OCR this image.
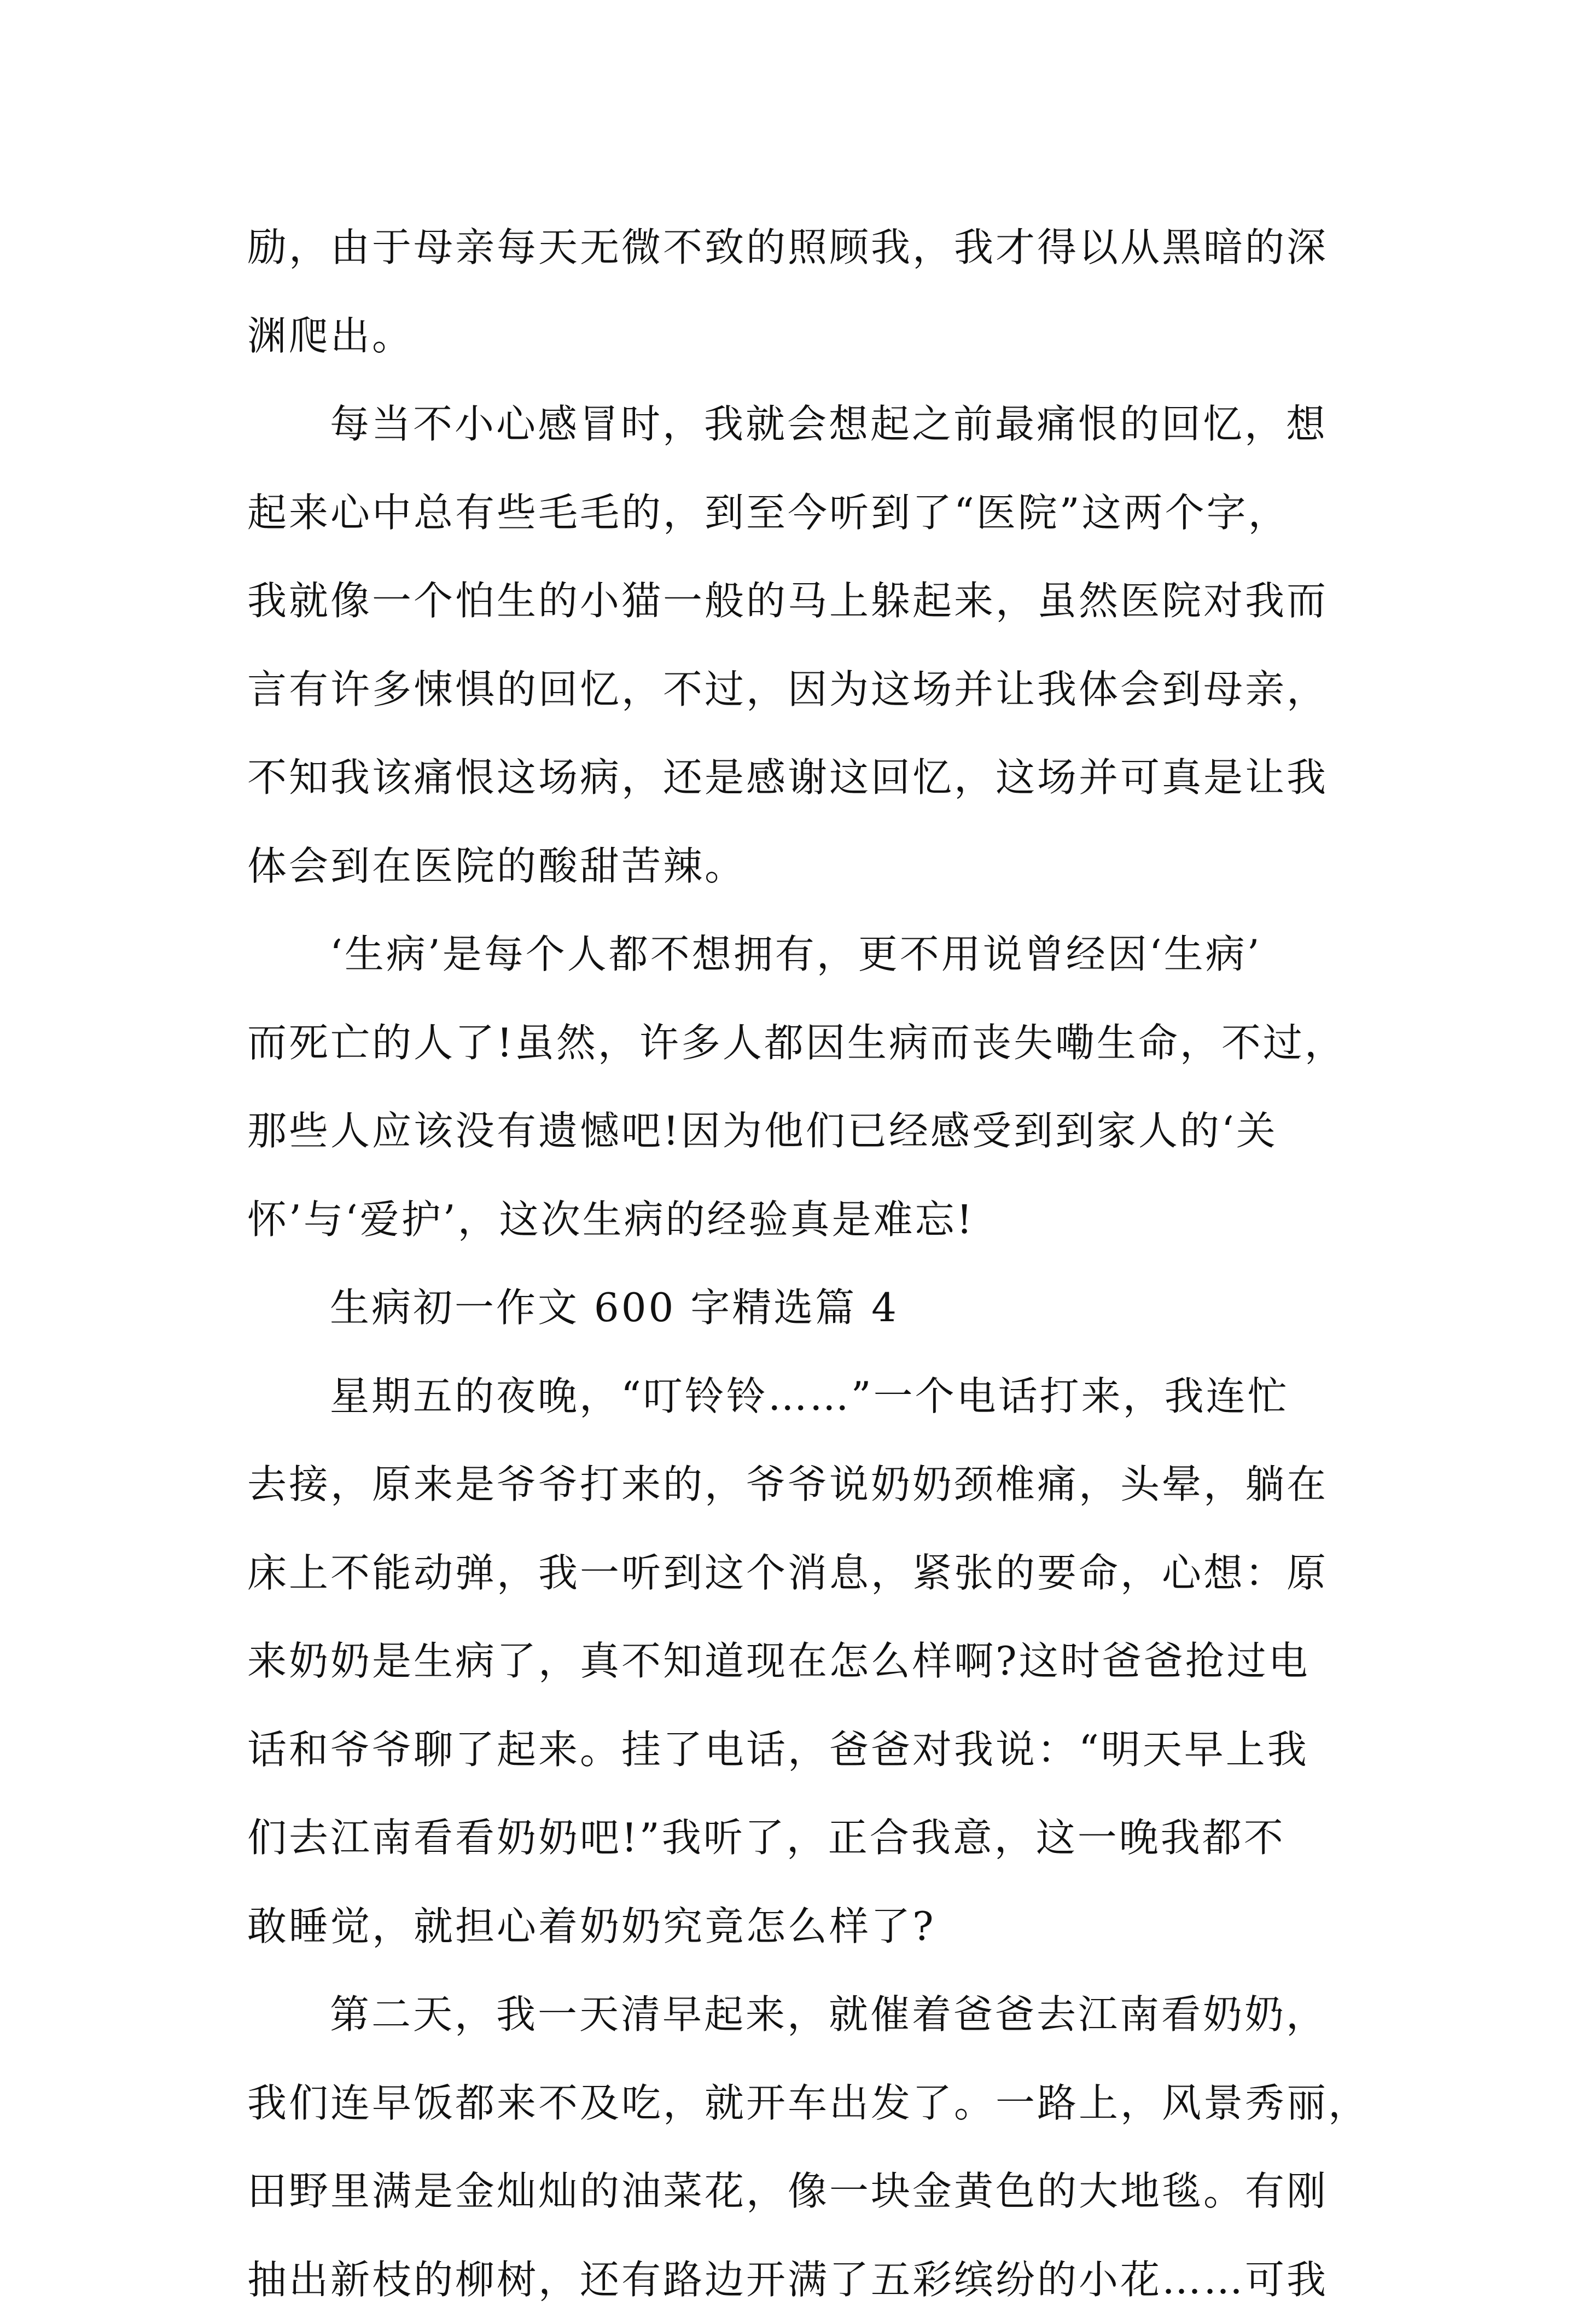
励，由于母亲每天无微不致的照顾我，我才得以从黑暗的深
渊爬出。
每当不小心感冒时，我就会想起之前最痛恨的回忆，想
起来心中总有些毛毛的，到至今听到了“医院”这两个字，
我就像一个怕生的小猫一般的马上躲起来，虽然医院对我而
言有许多悚惧的回忆，不过，因为这场并让我体会到母亲，
不知我该痛恨这场病，还是感谢这回忆，这场并可真是让我
体会到在医院的酸甜苦辣。
‘生病’是每个人都不想拥有，更不用说曾经因‘生病’
而死亡的人了!虽然，许多人都因生病而丧失嘞生命，不过，
那些人应该没有遗憾吧!因为他们已经感受到到家人的‘关
怀’与‘爱护’，这次生病的经验真是难忘!
生病初一作文 600 字精选篇 4
星期五的夜晚，“叮铃铃……”一个电话打来，我连忙
去接，原来是爷爷打来的，爷爷说奶奶颈椎痛，头晕，躺在
床上不能动弹，我一听到这个消息，紧张的要命，心想：原
来奶奶是生病了，真不知道现在怎么样啊?这时爸爸抢过电
话和爷爷聊了起来。挂了电话，爸爸对我说：“明天早上我
们去江南看看奶奶吧!”我听了，正合我意，这一晚我都不
敢睡觉，就担心着奶奶究竟怎么样了?
第二天，我一天清早起来，就催着爸爸去江南看奶奶，
我们连早饭都来不及吃，就开车出发了。一路上，风景秀丽，
田野里满是金灿灿的油菜花，像一块金黄色的大地毯。有刚
抽出新枝的柳树，还有路边开满了五彩缤纷的小花……可我
